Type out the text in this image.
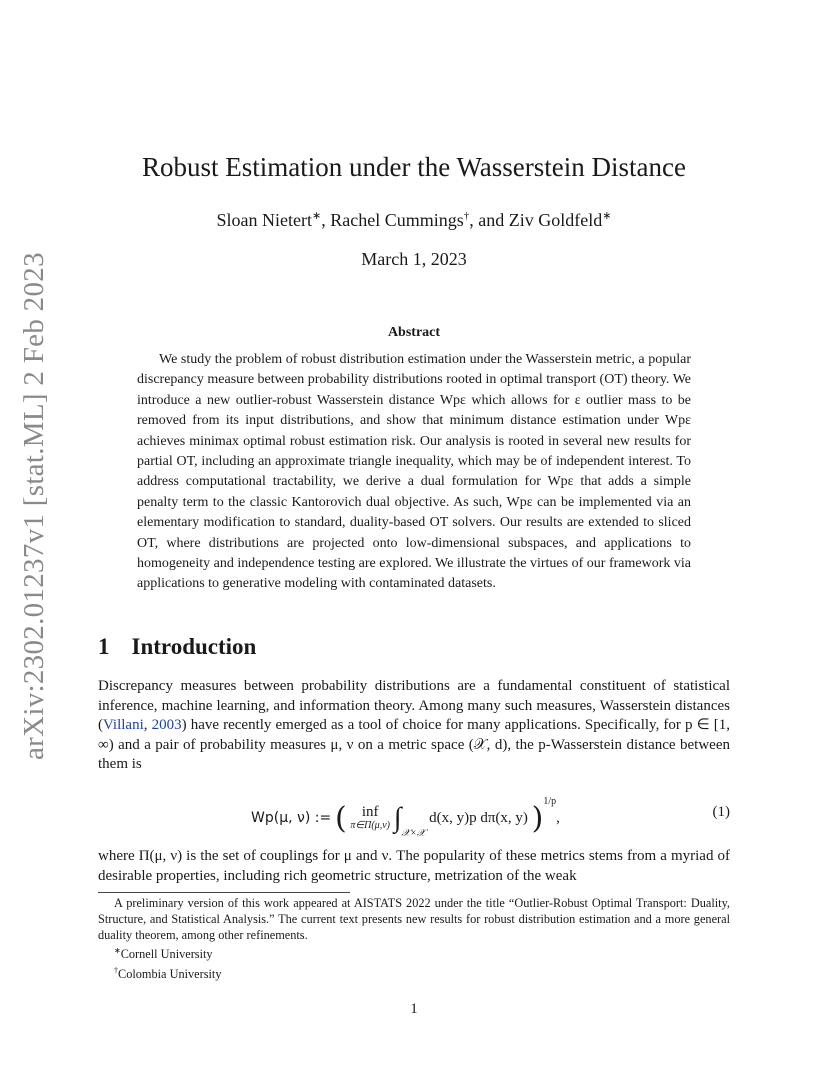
arXiv:2302.01237v1 [stat.ML] 2 Feb 2023
Robust Estimation under the Wasserstein Distance
Sloan Nietert∗, Rachel Cummings†, and Ziv Goldfeld∗
March 1, 2023
Abstract

We study the problem of robust distribution estimation under the Wasserstein metric, a popular discrepancy measure between probability distributions rooted in optimal transport (OT) theory. We introduce a new outlier-robust Wasserstein distance Wpε which allows for ε outlier mass to be removed from its input distributions, and show that minimum distance estimation under Wpε achieves minimax optimal robust estimation risk. Our analysis is rooted in several new results for partial OT, including an approximate triangle inequality, which may be of independent interest. To address computational tractability, we derive a dual formulation for Wpε that adds a simple penalty term to the classic Kantorovich dual objective. As such, Wpε can be implemented via an elementary modification to standard, duality-based OT solvers. Our results are extended to sliced OT, where distributions are projected onto low-dimensional subspaces, and applications to homogeneity and independence testing are explored. We illustrate the virtues of our framework via applications to generative modeling with contaminated datasets.

1 Introduction

Discrepancy measures between probability distributions are a fundamental constituent of statistical inference, machine learning, and information theory. Among many such measures, Wasserstein distances (Villani, 2003) have recently emerged as a tool of choice for many applications. Specifically, for p ∈ [1, ∞) and a pair of probability measures μ, ν on a metric space (𝒳, d), the p-Wasserstein distance between them is

Wp(μ, ν) := ( inf
π∈Π(μ,ν) $\int_{𝒳\times 𝒳}$ d(x, y)p dπ(x, y) )$^{1/p}$,	(1)

where Π(μ, ν) is the set of couplings for μ and ν. The popularity of these metrics stems from a myriad of desirable properties, including rich geometric structure, metrization of the weak

A preliminary version of this work appeared at AISTATS 2022 under the title “Outlier-Robust Optimal Transport: Duality, Structure, and Statistical Analysis.” The current text presents new results for robust distribution estimation and a more general duality theorem, among other refinements.

∗Cornell University

†Colombia University

1
